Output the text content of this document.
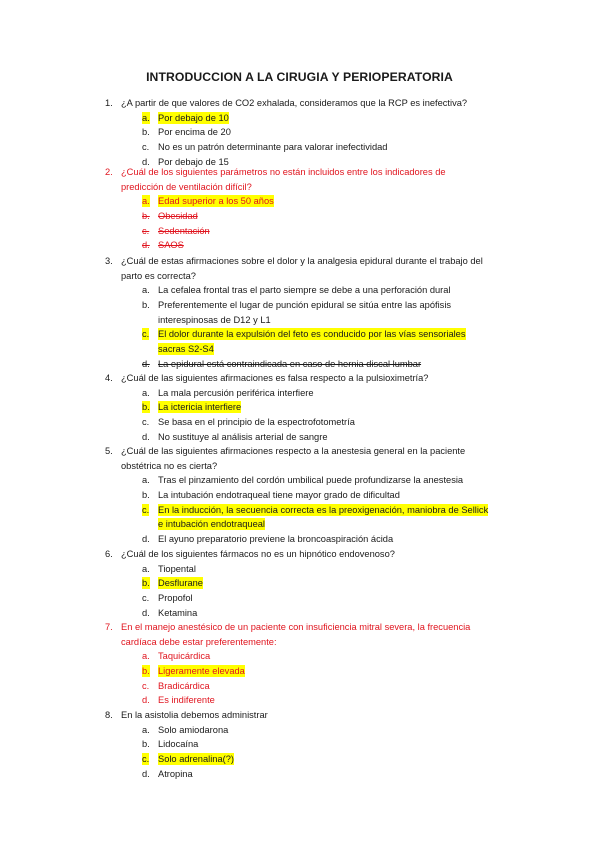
INTRODUCCION A LA CIRUGIA Y PERIOPERATORIA
1. ¿A partir de que valores de CO2 exhalada, consideramos que la RCP es inefectiva?
a. Por debajo de 10
b. Por encima de 20
c. No es un patrón determinante para valorar inefectividad
d. Por debajo de 15
2. ¿Cuál de los siguientes parámetros no están incluidos entre los indicadores de
predicción de ventilación difícil?
a. Edad superior a los 50 años
b. Obesidad
c. Sedentación
d. SAOS
3. ¿Cuál de estas afirmaciones sobre el dolor y la analgesia epidural durante el trabajo del
parto es correcta?
a. La cefalea frontal tras el parto siempre se debe a una perforación dural
b. Preferentemente el lugar de punción epidural se sitúa entre las apófisis
interespinosas de D12 y L1
c. El dolor durante la expulsión del feto es conducido por las vías sensoriales
sacras S2-S4
d. La epidural está contraindicada en caso de hernia discal lumbar
4. ¿Cuál de las siguientes afirmaciones es falsa respecto a la pulsioximetría?
a. La mala percusión periférica interfiere
b. La ictericia interfiere
c. Se basa en el principio de la espectrofotometría
d. No sustituye al análisis arterial de sangre
5. ¿Cuál de las siguientes afirmaciones respecto a la anestesia general en la paciente
obstétrica no es cierta?
a. Tras el pinzamiento del cordón umbilical puede profundizarse la anestesia
b. La intubación endotraqueal tiene mayor grado de dificultad
c. En la inducción, la secuencia correcta es la preoxigenación, maniobra de Sellick
e intubación endotraqueal
d. El ayuno preparatorio previene la broncoaspiración ácida
6. ¿Cuál de los siguientes fármacos no es un hipnótico endovenoso?
a. Tiopental
b. Desflurane
c. Propofol
d. Ketamina
7. En el manejo anestésico de un paciente con insuficiencia mitral severa, la frecuencia
cardíaca debe estar preferentemente:
a. Taquicárdica
b. Ligeramente elevada
c. Bradicárdica
d. Es indiferente
8. En la asistolia debemos administrar
a. Solo amiodarona
b. Lidocaína
c. Solo adrenalina(?)
d. Atropina
